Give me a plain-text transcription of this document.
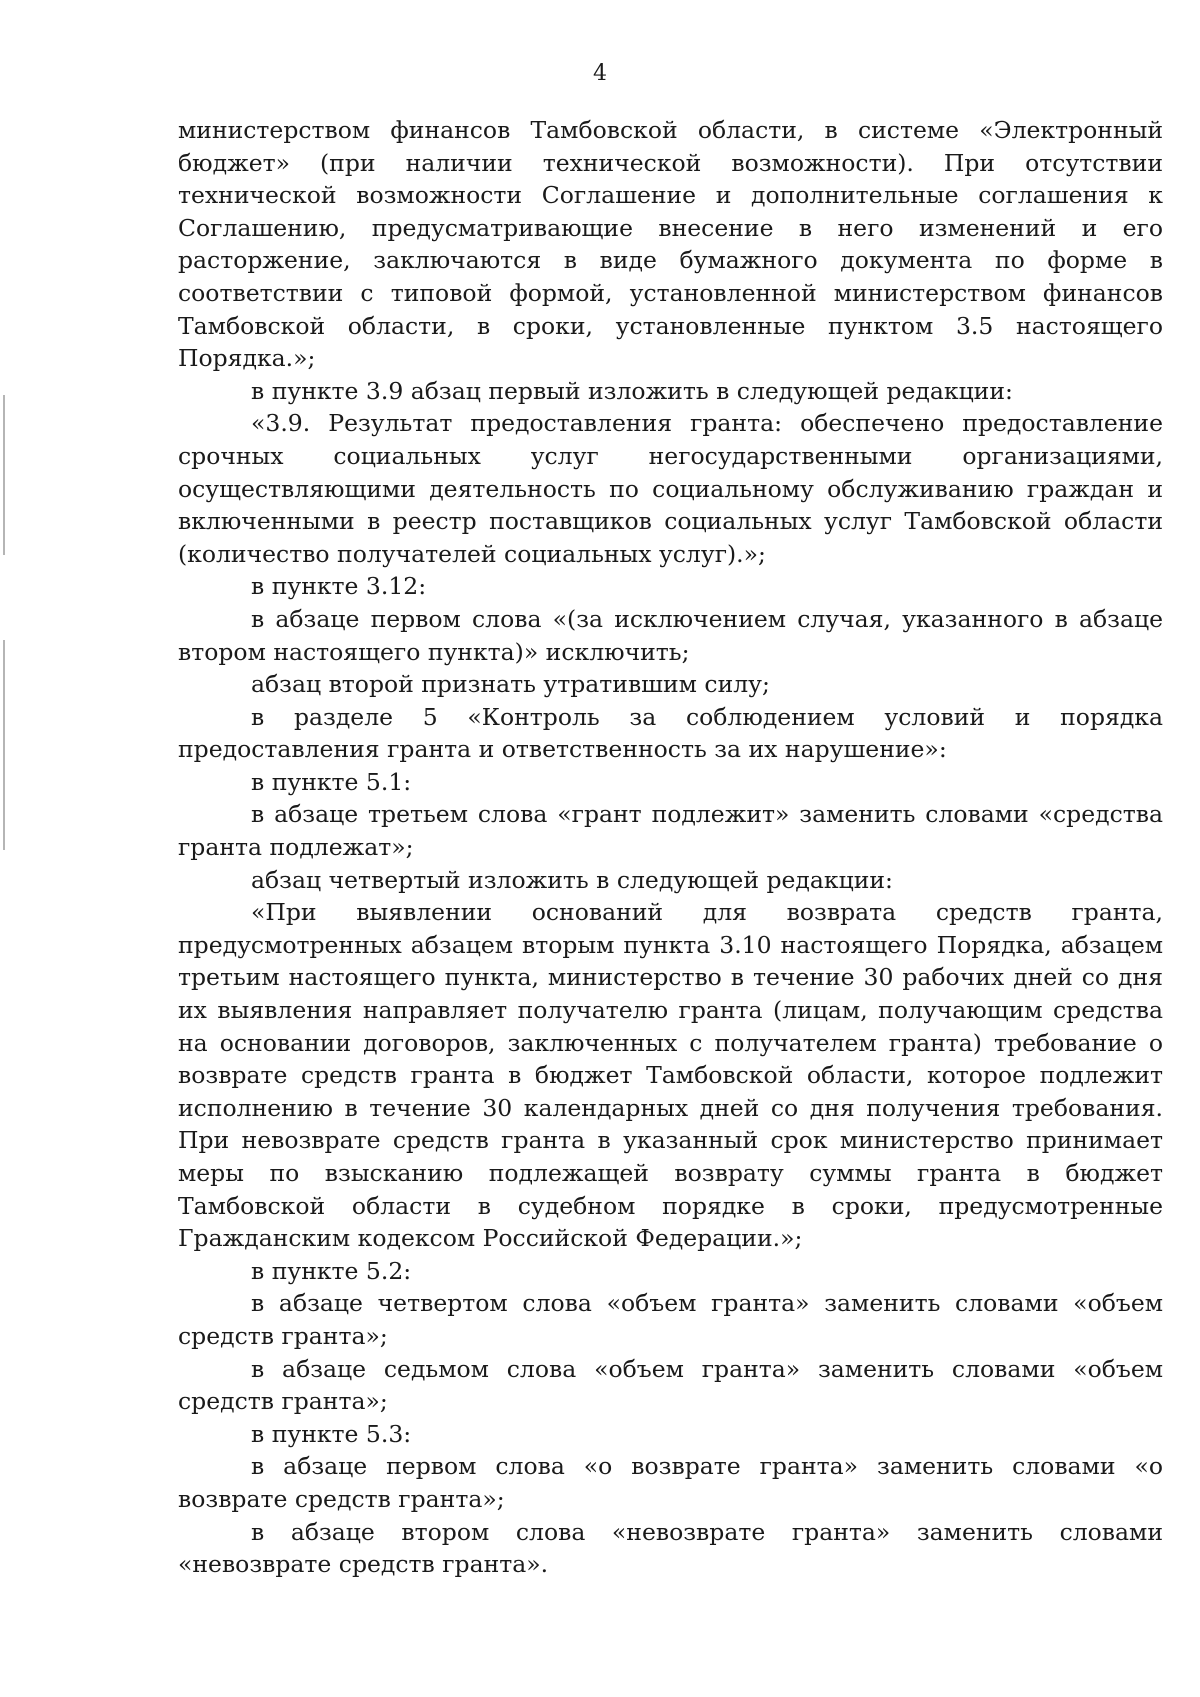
4

министерством финансов Тамбовской области, в системе «Электронный бюджет» (при наличии технической возможности). При отсутствии технической возможности Соглашение и дополнительные соглашения к Соглашению, предусматривающие внесение в него изменений и его расторжение, заключаются в виде бумажного документа по форме в соответствии с типовой формой, установленной министерством финансов Тамбовской области, в сроки, установленные пунктом 3.5 настоящего Порядка.»;

в пункте 3.9 абзац первый изложить в следующей редакции:

«3.9. Результат предоставления гранта: обеспечено предоставление срочных социальных услуг негосударственными организациями, осуществляющими деятельность по социальному обслуживанию граждан и включенными в реестр поставщиков социальных услуг Тамбовской области (количество получателей социальных услуг).»;

в пункте 3.12:

в абзаце первом слова «(за исключением случая, указанного в абзаце втором настоящего пункта)» исключить;

абзац второй признать утратившим силу;

в разделе 5 «Контроль за соблюдением условий и порядка предоставления гранта и ответственность за их нарушение»:

в пункте 5.1:

в абзаце третьем слова «грант подлежит» заменить словами «средства гранта подлежат»;

абзац четвертый изложить в следующей редакции:

«При выявлении оснований для возврата средств гранта, предусмотренных абзацем вторым пункта 3.10 настоящего Порядка, абзацем третьим настоящего пункта, министерство в течение 30 рабочих дней со дня их выявления направляет получателю гранта (лицам, получающим средства на основании договоров, заключенных с получателем гранта) требование о возврате средств гранта в бюджет Тамбовской области, которое подлежит исполнению в течение 30 календарных дней со дня получения требования. При невозврате средств гранта в указанный срок министерство принимает меры по взысканию подлежащей возврату суммы гранта в бюджет Тамбовской области в судебном порядке в сроки, предусмотренные Гражданским кодексом Российской Федерации.»;

в пункте 5.2:

в абзаце четвертом слова «объем гранта» заменить словами «объем средств гранта»;

в абзаце седьмом слова «объем гранта» заменить словами «объем средств гранта»;

в пункте 5.3:

в абзаце первом слова «о возврате гранта» заменить словами «о возврате средств гранта»;

в абзаце втором слова «невозврате гранта» заменить словами «невозврате средств гранта».
